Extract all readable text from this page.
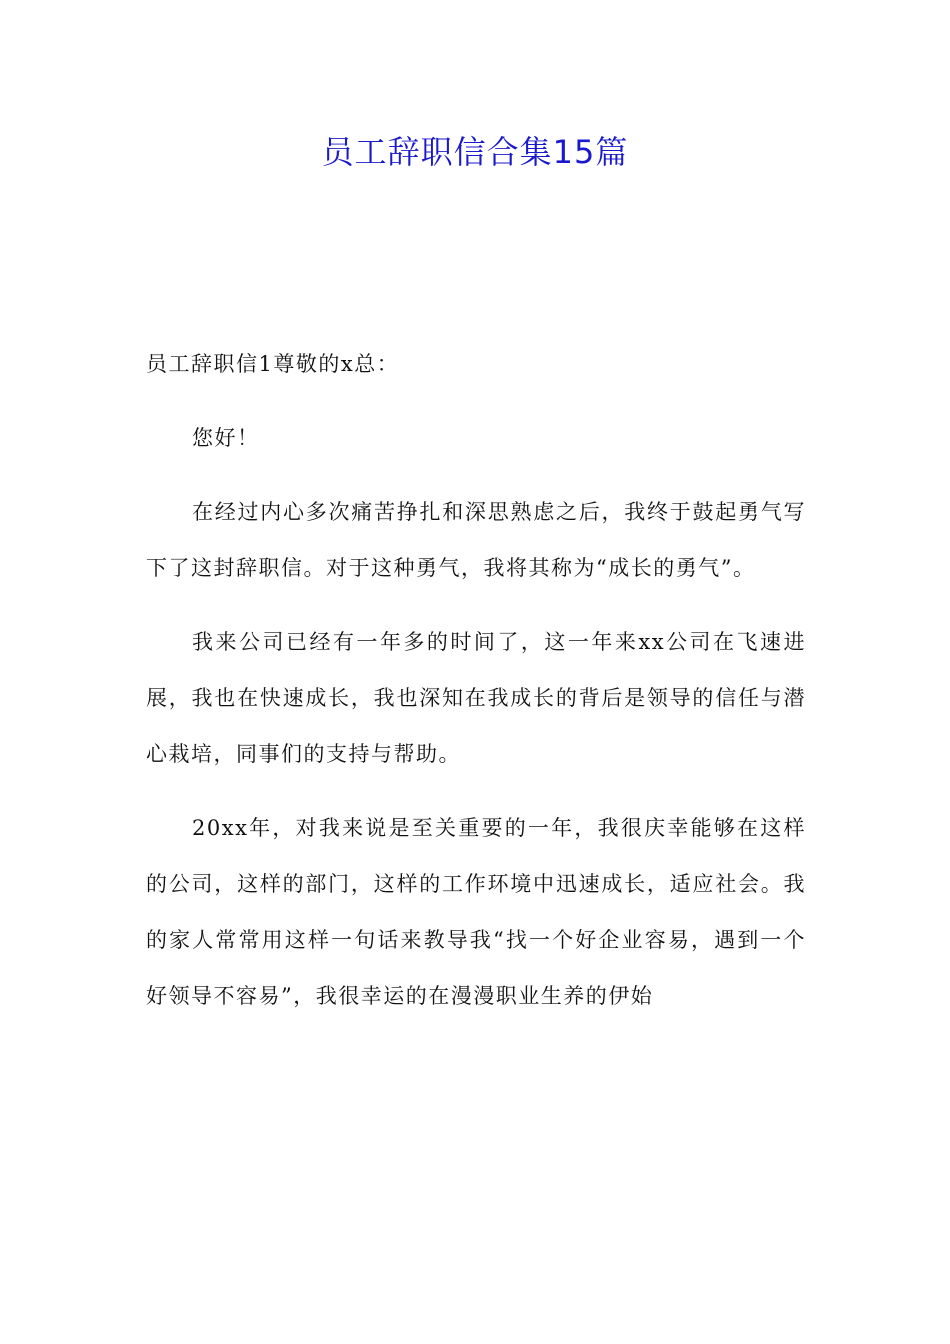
员工辞职信合集15篇

员工辞职信1尊敬的x总：

您好！

在经过内心多次痛苦挣扎和深思熟虑之后，我终于鼓起勇气写下了这封辞职信。对于这种勇气，我将其称为“成长的勇气”。

我来公司已经有一年多的时间了，这一年来xx公司在飞速进展，我也在快速成长，我也深知在我成长的背后是领导的信任与潜心栽培，同事们的支持与帮助。

20xx年，对我来说是至关重要的一年，我很庆幸能够在这样的公司，这样的部门，这样的工作环境中迅速成长，适应社会。我的家人常常用这样一句话来教导我“找一个好企业容易，遇到一个好领导不容易”，我很幸运的在漫漫职业生养的伊始
